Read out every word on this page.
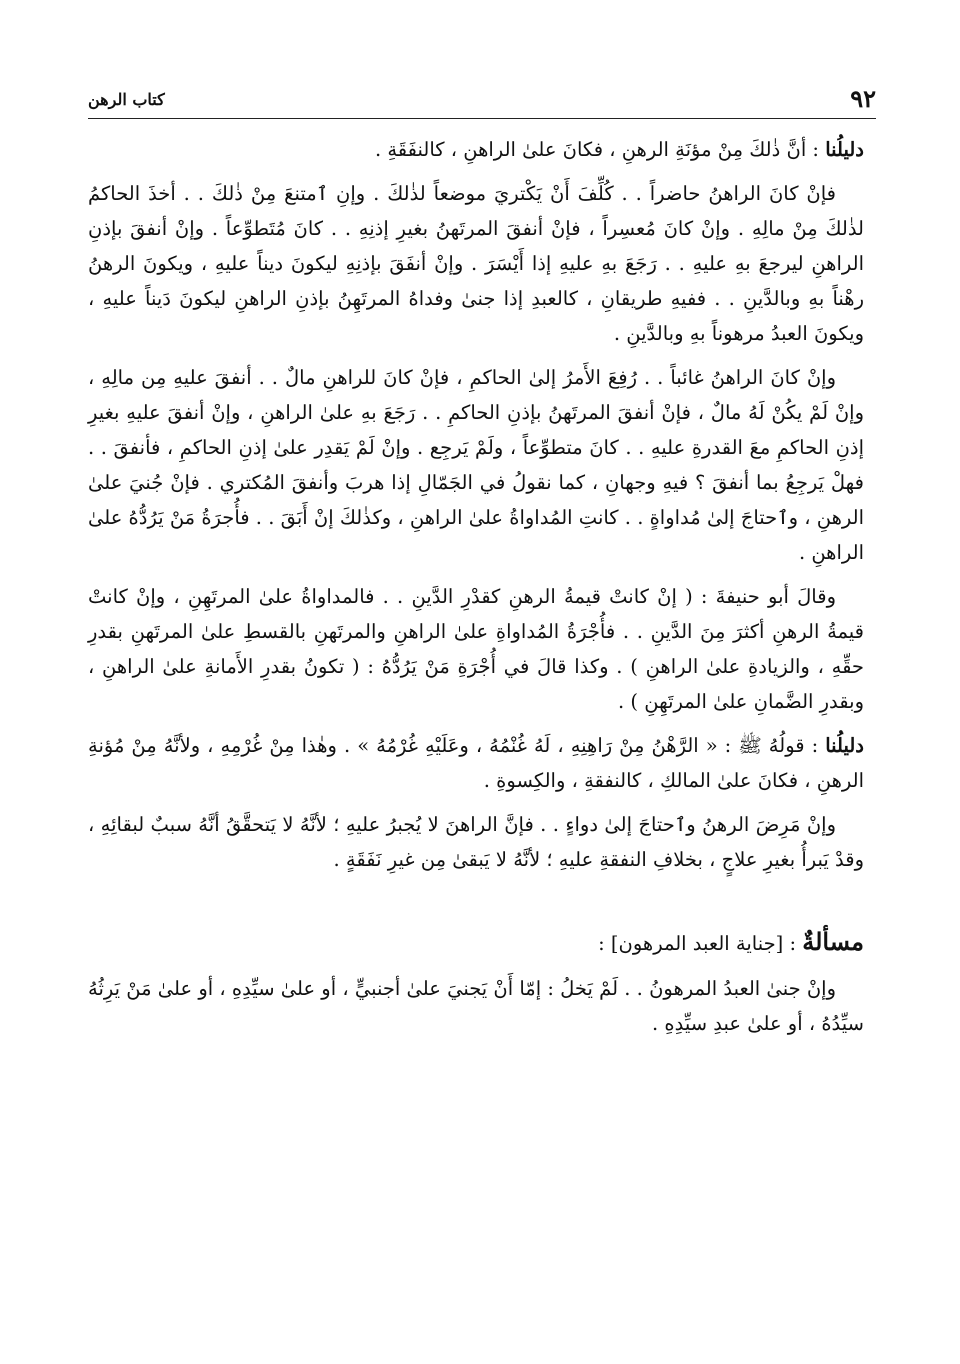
٩٢
كتاب الرهن

دليلُنا : أنَّ ذٰلكَ مِنْ مؤنَةِ الرهنِ ، فكانَ علىٰ الراهنِ ، كالنفَقَةِ .

فإنْ كانَ الراهنُ حاضراً . . كُلِّفَ أَنْ يَكْتريَ موضعاً لذٰلكَ . وإنِ ٱمتنعَ مِنْ ذٰلكَ . . أخذَ الحاكمُ لذٰلكَ مِنْ مالِهِ . وإنْ كانَ مُعسِراً ، فإنْ أنفقَ المرتَهنُ بغيرِ إذنِهِ . . كانَ مُتَطوِّعاً . وإنْ أنفقَ بإذنِ الراهنِ ليرجعَ بهِ عليهِ . . رَجَعَ بهِ عليهِ إذا أَيْسَرَ . وإنْ أنفَقَ بإذنِهِ ليكونَ ديناً عليهِ ، ويكونَ الرهنُ رهْناً بهِ وبالدَّينِ . . ففيهِ طريقانِ ، كالعبدِ إذا جنىٰ وفداهُ المرتَهِنُ بإذنِ الراهنِ ليكونَ دَيناً عليهِ ، ويكونَ العبدُ مرهوناً بهِ وبالدَّينِ .

وإنْ كانَ الراهنُ غائباً . . رُفِعَ الأَمرُ إلىٰ الحاكمِ ، فإنْ كانَ للراهنِ مالٌ . . أنفقَ عليهِ مِن مالِهِ ، وإنْ لَمْ يكُنْ لَهُ مالٌ ، فإنْ أنفقَ المرتَهنُ بإذنِ الحاكمِ . . رَجَعَ بهِ علىٰ الراهنِ ، وإنْ أنفقَ عليهِ بغيرِ إذنِ الحاكمِ معَ القدرةِ عليهِ . . كانَ متطوِّعاً ، ولَمْ يَرجِع . وإنْ لَمْ يَقدِر علىٰ إذنِ الحاكمِ ، فأنفقَ . . فهلْ يَرجِعُ بما أنفقَ ؟ فيهِ وجهانِ ، كما نقولُ في الجَمّالِ إذا هربَ وأنفقَ المُكتري . فإنْ جُنيَ علىٰ الرهنِ ، وٱحتاجَ إلىٰ مُداواةٍ . . كانتِ المُداواةُ علىٰ الراهنِ ، وكذٰلكَ إنْ أَبَقَ . . فأُجرَةُ مَنْ يَرُدُّهُ علىٰ الراهنِ .

وقالَ أبو حنيفةَ : ( إنْ كانتْ قيمةُ الرهنِ كقدْرِ الدَّينِ . . فالمداواةُ علىٰ المرتَهِنِ ، وإنْ كانتْ قيمةُ الرهنِ أكثرَ مِنَ الدَّينِ . . فأُجْرَةُ المُداواةِ علىٰ الراهنِ والمرتَهنِ بالقسطِ علىٰ المرتَهنِ بقدرِ حقِّهِ ، والزيادةِ علىٰ الراهنِ ) . وكذا قالَ في أُجْرَةِ مَنْ يَرُدُّهُ : ( تكونُ بقدرِ الأَمانةِ علىٰ الراهنِ ، وبقدرِ الضَّمانِ علىٰ المرتَهِنِ ) .

دليلُنا : قولُهُ ﷺ : « الرَّهْنُ مِنْ رَاهِنِهِ ، لَهُ غُنْمُهُ ، وعَلَيْهِ غُرْمُهُ » . وهٰذا مِنْ غُرْمِهِ ، ولأنَّهُ مِنْ مُؤنةِ الرهنِ ، فكانَ علىٰ المالكِ ، كالنفقةِ ، والكِسوةِ .

وإنْ مَرِضَ الرهنُ وٱحتاجَ إلىٰ دواءٍ . . فإنَّ الراهنَ لا يُجبرُ عليهِ ؛ لأنَّهُ لا يَتحقَّقُ أنَّهُ سببٌ لبقائِهِ ، وقدْ يَبرأُ بغيرِ علاجٍ ، بخلافِ النفقةِ عليهِ ؛ لأنَّهُ لا يَبقىٰ مِن غيرِ نَفَقَةٍ .

مسألةٌ : [جناية العبد المرهون] :

وإنْ جنىٰ العبدُ المرهونُ . . لَمْ يَخلُ : إمّا أَنْ يَجنيَ علىٰ أجنبيٍّ ، أو علىٰ سيِّدِهِ ، أو علىٰ مَنْ يَرِثُهُ سيِّدُهُ ، أو علىٰ عبدِ سيِّدِهِ .
